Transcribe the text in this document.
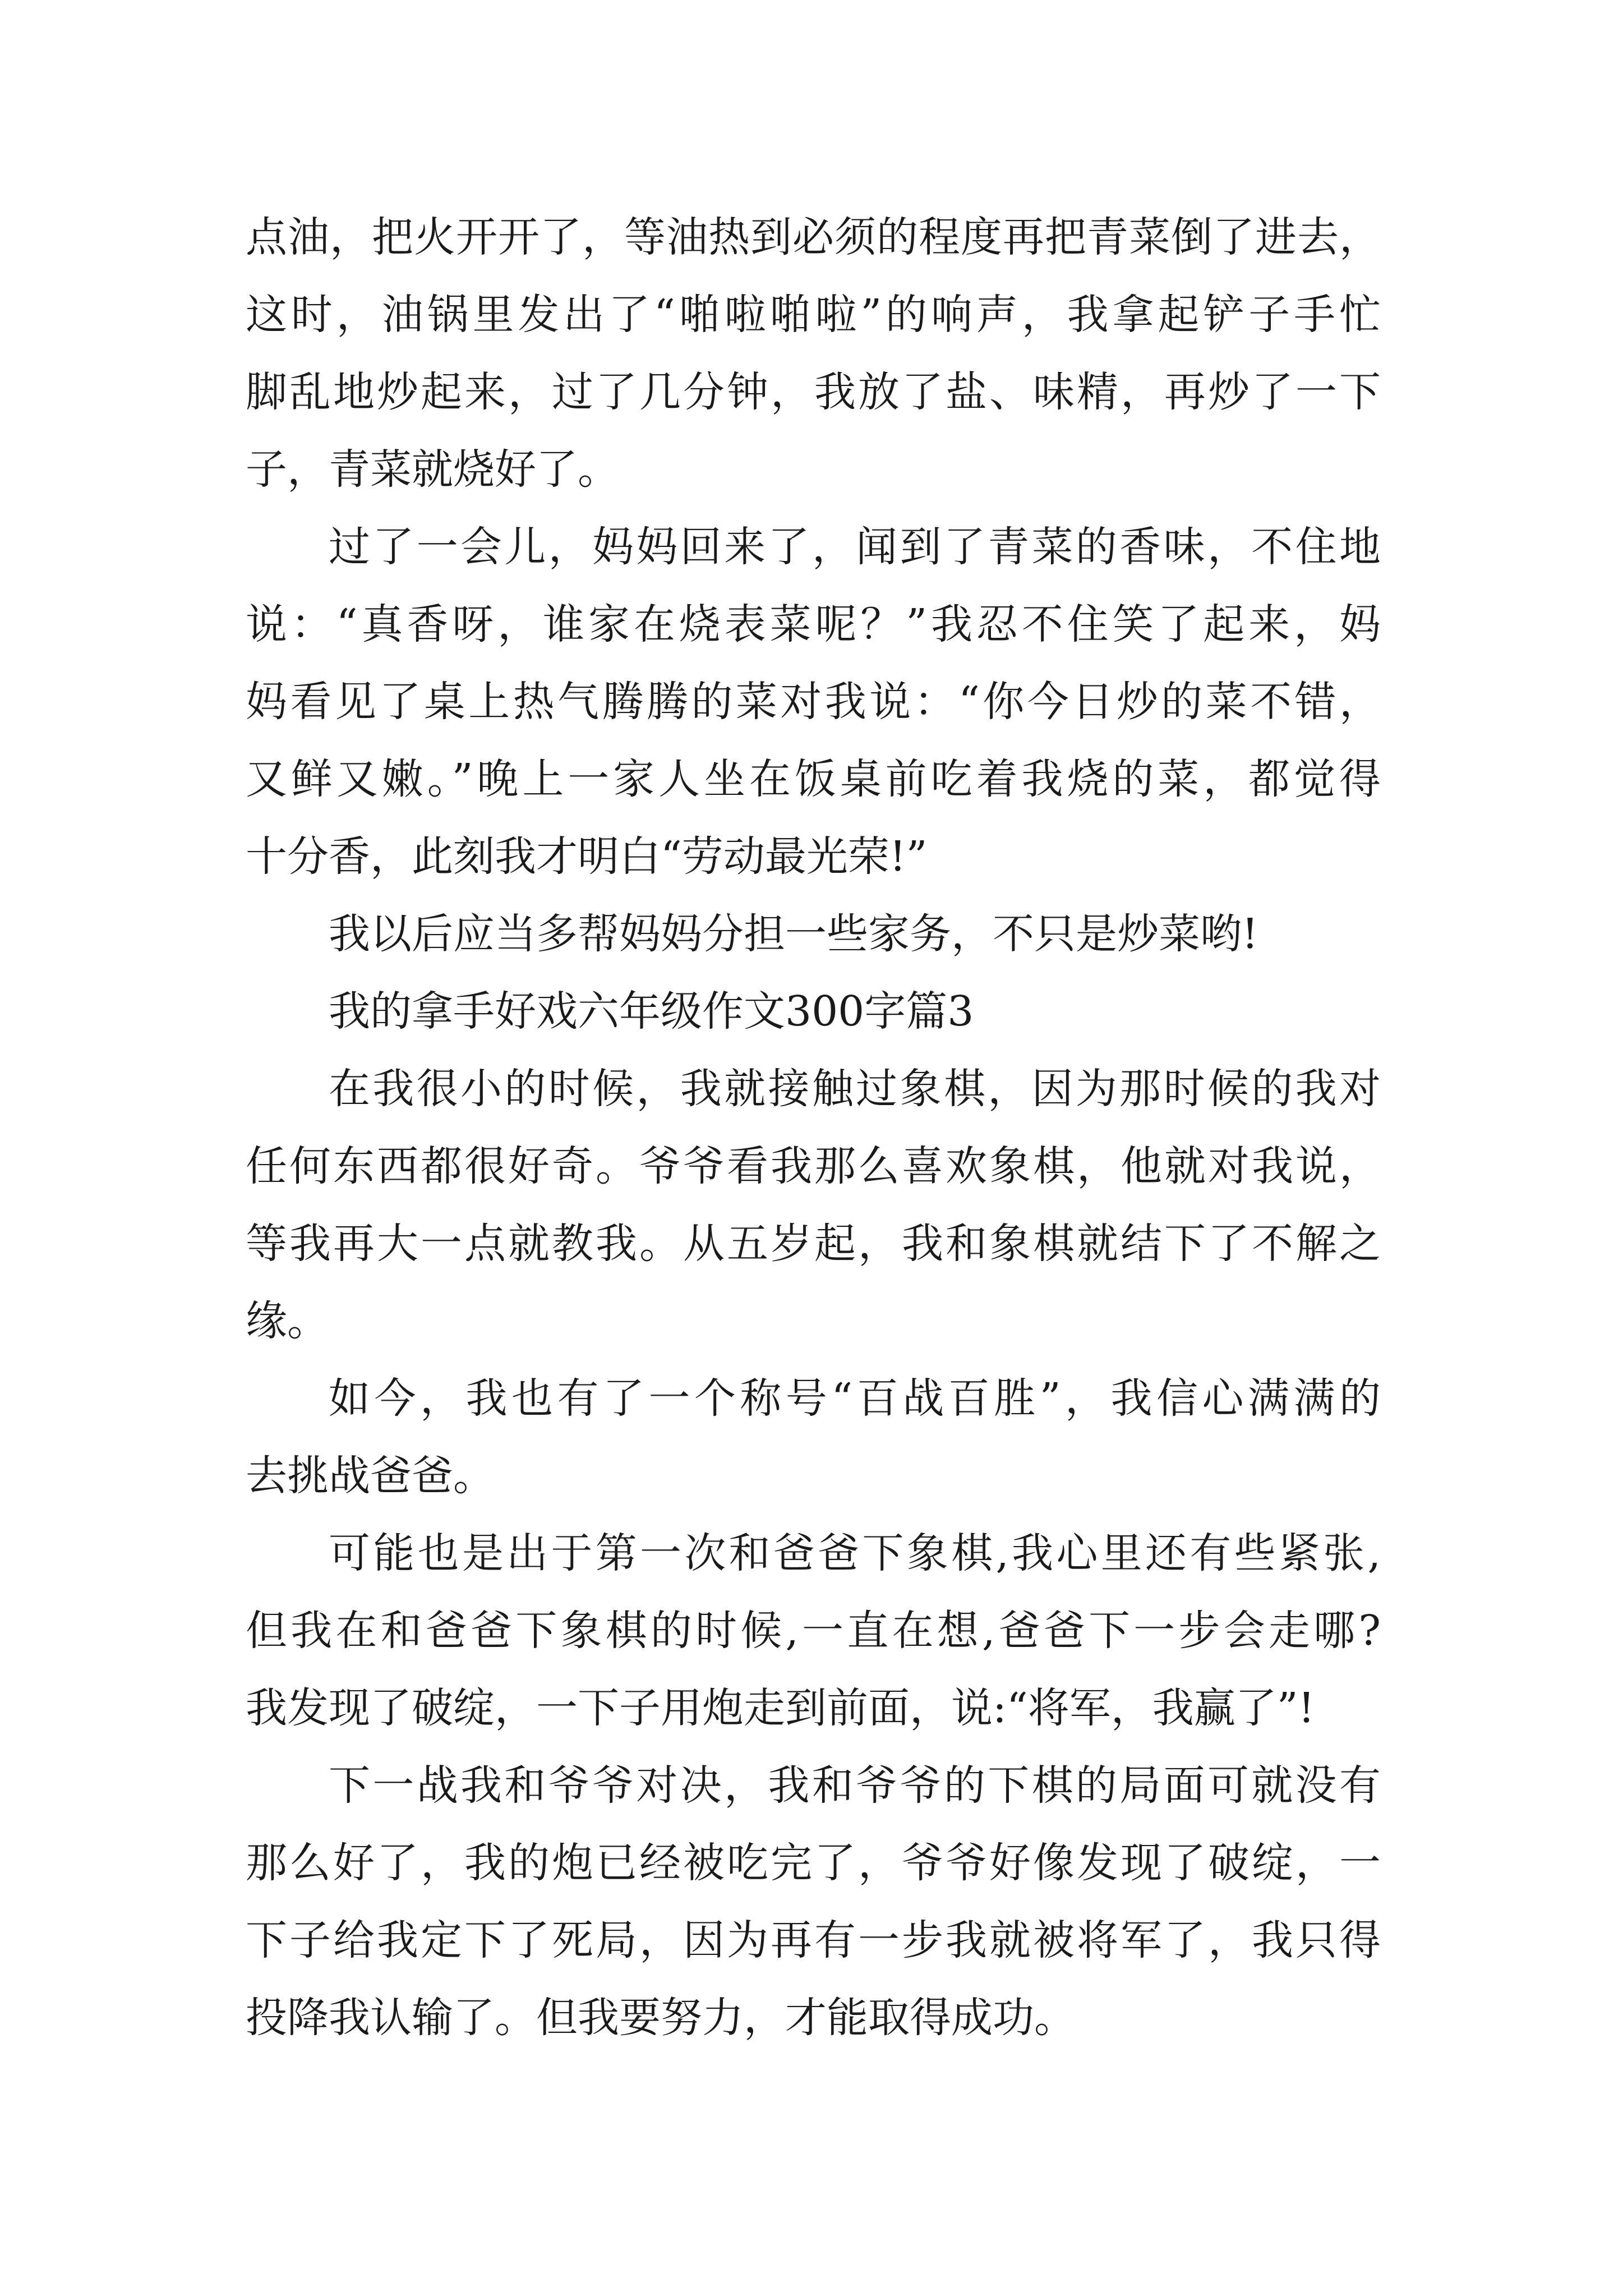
点油，把火开开了，等油热到必须的程度再把青菜倒了进去，
这时，油锅里发出了“啪啦啪啦”的响声，我拿起铲子手忙
脚乱地炒起来，过了几分钟，我放了盐、味精，再炒了一下
子，青菜就烧好了。
过了一会儿，妈妈回来了，闻到了青菜的香味，不住地
说：“真香呀，谁家在烧表菜呢？”我忍不住笑了起来，妈
妈看见了桌上热气腾腾的菜对我说：“你今日炒的菜不错，
又鲜又嫩。”晚上一家人坐在饭桌前吃着我烧的菜，都觉得
十分香，此刻我才明白“劳动最光荣!”
我以后应当多帮妈妈分担一些家务，不只是炒菜哟!
我的拿手好戏六年级作文300字篇3
在我很小的时候，我就接触过象棋，因为那时候的我对
任何东西都很好奇。爷爷看我那么喜欢象棋，他就对我说，
等我再大一点就教我。从五岁起，我和象棋就结下了不解之
缘。
如今，我也有了一个称号“百战百胜”，我信心满满的
去挑战爸爸。
可能也是出于第一次和爸爸下象棋,我心里还有些紧张,
但我在和爸爸下象棋的时候,一直在想,爸爸下一步会走哪?
我发现了破绽，一下子用炮走到前面，说:“将军，我赢了”!
下一战我和爷爷对决，我和爷爷的下棋的局面可就没有
那么好了，我的炮已经被吃完了，爷爷好像发现了破绽，一
下子给我定下了死局，因为再有一步我就被将军了，我只得
投降我认输了。但我要努力，才能取得成功。
